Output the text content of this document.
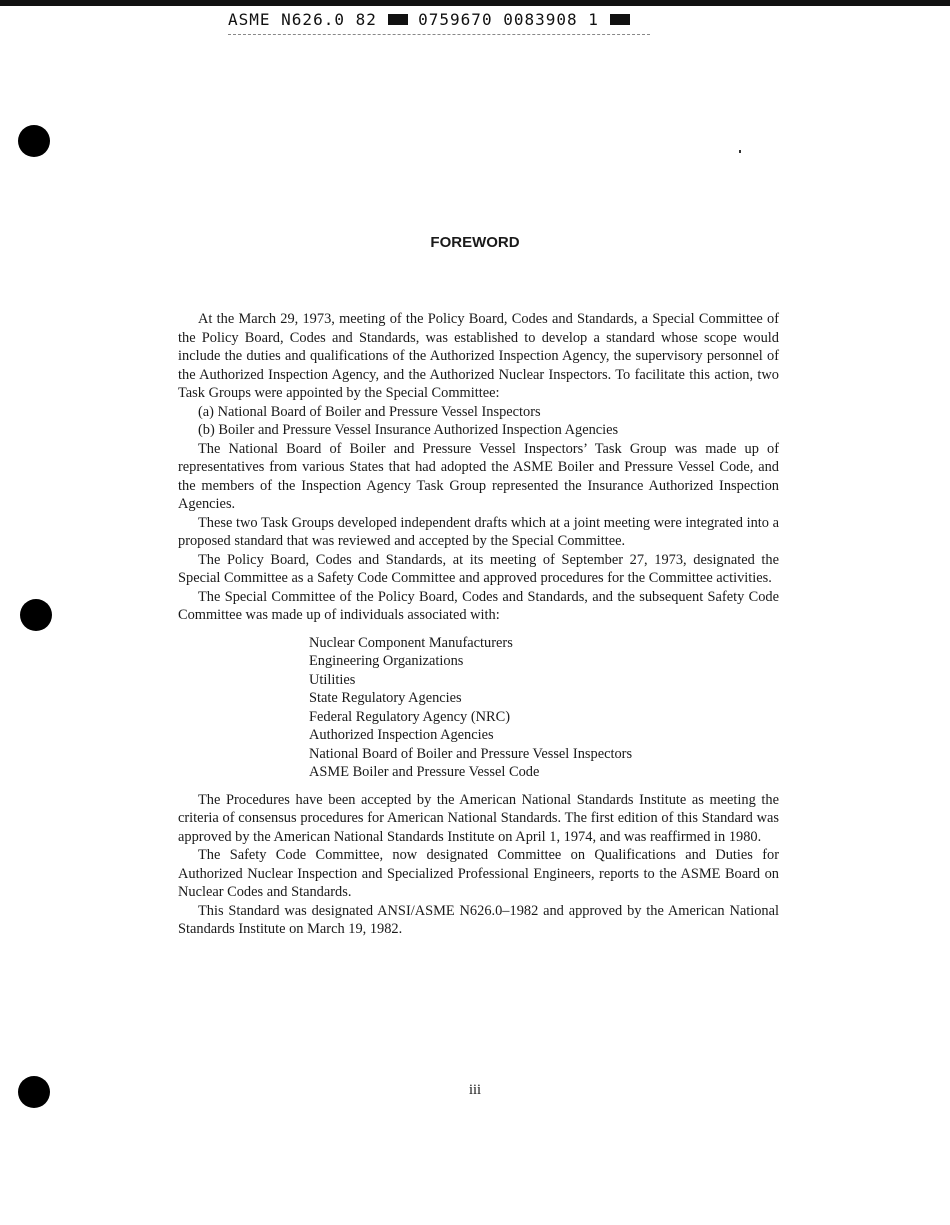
ASME N626.0 82	0759670 0083908 1
FOREWORD

At the March 29, 1973, meeting of the Policy Board, Codes and Standards, a Special Committee of the Policy Board, Codes and Standards, was established to develop a standard whose scope would include the duties and qualifications of the Authorized Inspection Agency, the supervisory personnel of the Authorized Inspection Agency, and the Authorized Nuclear Inspectors. To facilitate this action, two Task Groups were appointed by the Special Committee:

(a) National Board of Boiler and Pressure Vessel Inspectors

(b) Boiler and Pressure Vessel Insurance Authorized Inspection Agencies

The National Board of Boiler and Pressure Vessel Inspectors’ Task Group was made up of representatives from various States that had adopted the ASME Boiler and Pressure Vessel Code, and the members of the Inspection Agency Task Group represented the Insurance Authorized Inspection Agencies.

These two Task Groups developed independent drafts which at a joint meeting were integrated into a proposed standard that was reviewed and accepted by the Special Committee.

The Policy Board, Codes and Standards, at its meeting of September 27, 1973, designated the Special Committee as a Safety Code Committee and approved procedures for the Committee activities.

The Special Committee of the Policy Board, Codes and Standards, and the subsequent Safety Code Committee was made up of individuals associated with:

Nuclear Component Manufacturers
Engineering Organizations
Utilities
State Regulatory Agencies
Federal Regulatory Agency (NRC)
Authorized Inspection Agencies
National Board of Boiler and Pressure Vessel Inspectors
ASME Boiler and Pressure Vessel Code

The Procedures have been accepted by the American National Standards Institute as meeting the criteria of consensus procedures for American National Standards. The first edition of this Standard was approved by the American National Standards Institute on April 1, 1974, and was reaffirmed in 1980.

The Safety Code Committee, now designated Committee on Qualifications and Duties for Authorized Nuclear Inspection and Specialized Professional Engineers, reports to the ASME Board on Nuclear Codes and Standards.

This Standard was designated ANSI/ASME N626.0–1982 and approved by the American National Standards Institute on March 19, 1982.

iii
